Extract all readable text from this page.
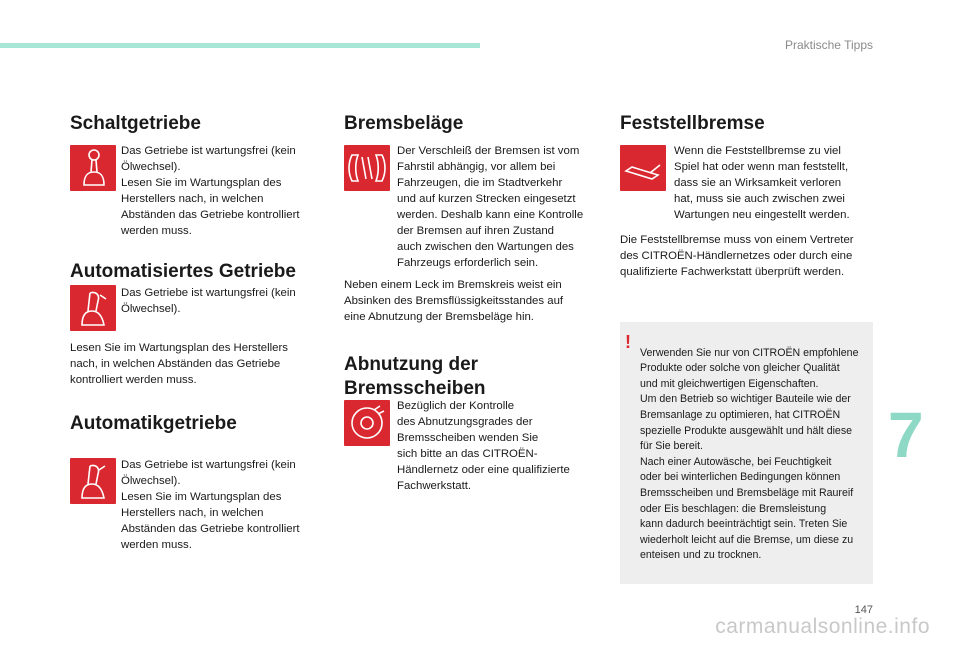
Praktische Tipps
7
Schaltgetriebe

Das Getriebe ist wartungsfrei (kein
Ölwechsel).
Lesen Sie im Wartungsplan des
Herstellers nach, in welchen
Abständen das Getriebe kontrolliert
werden muss.

Automatisiertes Getriebe

Das Getriebe ist wartungsfrei (kein
Ölwechsel).

Lesen Sie im Wartungsplan des Herstellers
nach, in welchen Abständen das Getriebe
kontrolliert werden muss.

Automatikgetriebe

Das Getriebe ist wartungsfrei (kein
Ölwechsel).
Lesen Sie im Wartungsplan des
Herstellers nach, in welchen
Abständen das Getriebe kontrolliert
werden muss.

Bremsbeläge

Der Verschleiß der Bremsen ist vom
Fahrstil abhängig, vor allem bei
Fahrzeugen, die im Stadtverkehr
und auf kurzen Strecken eingesetzt
werden. Deshalb kann eine Kontrolle
der Bremsen auf ihren Zustand
auch zwischen den Wartungen des
Fahrzeugs erforderlich sein.

Neben einem Leck im Bremskreis weist ein
Absinken des Bremsflüssigkeitsstandes auf
eine Abnutzung der Bremsbeläge hin.

Abnutzung der
Bremsscheiben

Bezüglich der Kontrolle
des Abnutzungsgrades der
Bremsscheiben wenden Sie
sich bitte an das CITROËN-
Händlernetz oder eine qualifizierte
Fachwerkstatt.

Feststellbremse

Wenn die Feststellbremse zu viel
Spiel hat oder wenn man feststellt,
dass sie an Wirksamkeit verloren
hat, muss sie auch zwischen zwei
Wartungen neu eingestellt werden.

Die Feststellbremse muss von einem Vertreter
des CITROËN-Händlernetzes oder durch eine
qualifizierte Fachwerkstatt überprüft werden.

!

Verwenden Sie nur von CITROËN empfohlene
Produkte oder solche von gleicher Qualität
und mit gleichwertigen Eigenschaften.
Um den Betrieb so wichtiger Bauteile wie der
Bremsanlage zu optimieren, hat CITROËN
spezielle Produkte ausgewählt und hält diese
für Sie bereit.
Nach einer Autowäsche, bei Feuchtigkeit
oder bei winterlichen Bedingungen können
Bremsscheiben und Bremsbeläge mit Raureif
oder Eis beschlagen: die Bremsleistung
kann dadurch beeinträchtigt sein. Treten Sie
wiederholt leicht auf die Bremse, um diese zu
enteisen und zu trocknen.

147
carmanualsonline.info
